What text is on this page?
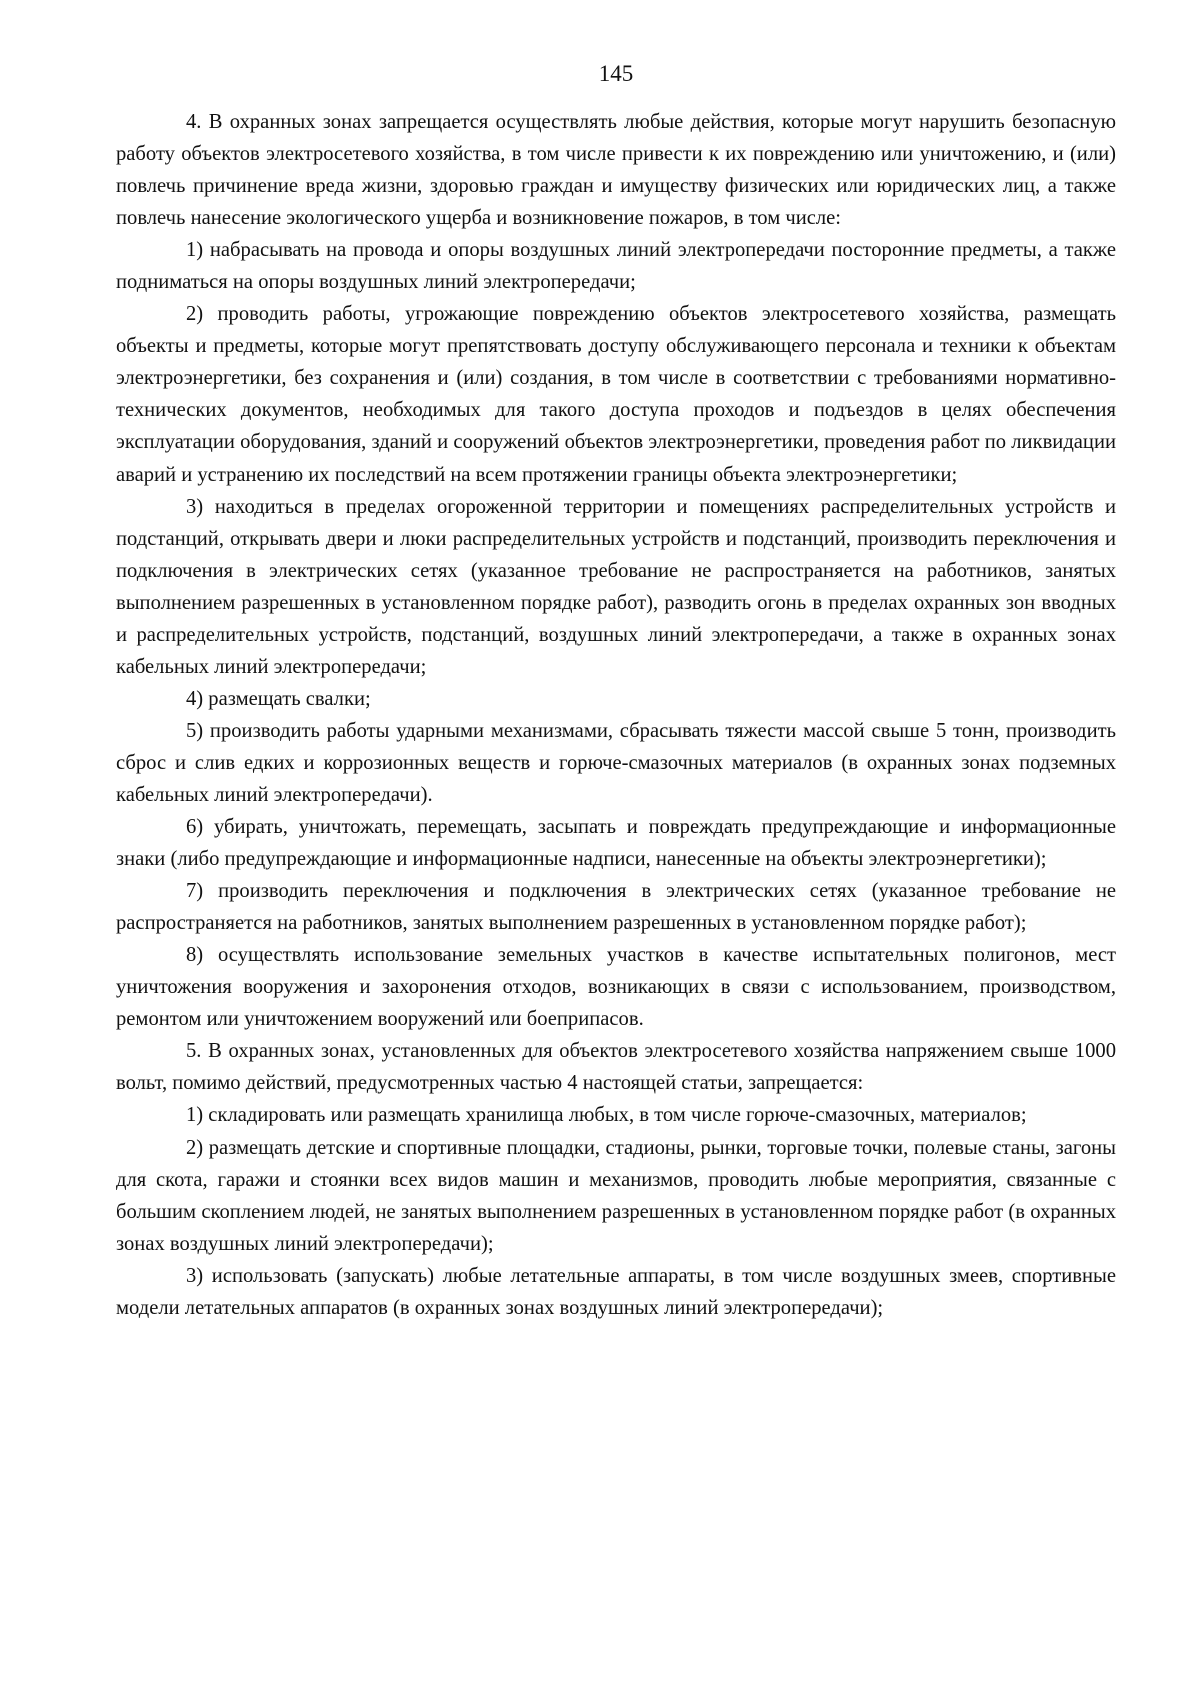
145

4. В охранных зонах запрещается осуществлять любые действия, которые могут нарушить безопасную работу объектов электросетевого хозяйства, в том числе привести к их повреждению или уничтожению, и (или) повлечь причинение вреда жизни, здоровью граждан и имуществу физических или юридических лиц, а также повлечь нанесение экологического ущерба и возникновение пожаров, в том числе:

1) набрасывать на провода и опоры воздушных линий электропередачи посторонние предметы, а также подниматься на опоры воздушных линий электропередачи;

2) проводить работы, угрожающие повреждению объектов электросетевого хозяйства, размещать объекты и предметы, которые могут препятствовать доступу обслуживающего персонала и техники к объектам электроэнергетики, без сохранения и (или) создания, в том числе в соответствии с требованиями нормативно-технических документов, необходимых для такого доступа проходов и подъездов в целях обеспечения эксплуатации оборудования, зданий и сооружений объектов электроэнергетики, проведения работ по ликвидации аварий и устранению их последствий на всем протяжении границы объекта электроэнергетики;

3) находиться в пределах огороженной территории и помещениях распределительных устройств и подстанций, открывать двери и люки распределительных устройств и подстанций, производить переключения и подключения в электрических сетях (указанное требование не распространяется на работников, занятых выполнением разрешенных в установленном порядке работ), разводить огонь в пределах охранных зон вводных и распределительных устройств, подстанций, воздушных линий электропередачи, а также в охранных зонах кабельных линий электропередачи;

4) размещать свалки;

5) производить работы ударными механизмами, сбрасывать тяжести массой свыше 5 тонн, производить сброс и слив едких и коррозионных веществ и горюче-смазочных материалов (в охранных зонах подземных кабельных линий электропередачи).

6) убирать, уничтожать, перемещать, засыпать и повреждать предупреждающие и информационные знаки (либо предупреждающие и информационные надписи, нанесенные на объекты электроэнергетики);

7) производить переключения и подключения в электрических сетях (указанное требование не распространяется на работников, занятых выполнением разрешенных в установленном порядке работ);

8) осуществлять использование земельных участков в качестве испытательных полигонов, мест уничтожения вооружения и захоронения отходов, возникающих в связи с использованием, производством, ремонтом или уничтожением вооружений или боеприпасов.

5. В охранных зонах, установленных для объектов электросетевого хозяйства напряжением свыше 1000 вольт, помимо действий, предусмотренных частью 4 настоящей статьи, запрещается:

1) складировать или размещать хранилища любых, в том числе горюче-смазочных, материалов;

2) размещать детские и спортивные площадки, стадионы, рынки, торговые точки, полевые станы, загоны для скота, гаражи и стоянки всех видов машин и механизмов, проводить любые мероприятия, связанные с большим скоплением людей, не занятых выполнением разрешенных в установленном порядке работ (в охранных зонах воздушных линий электропередачи);

3) использовать (запускать) любые летательные аппараты, в том числе воздушных змеев, спортивные модели летательных аппаратов (в охранных зонах воздушных линий электропередачи);
